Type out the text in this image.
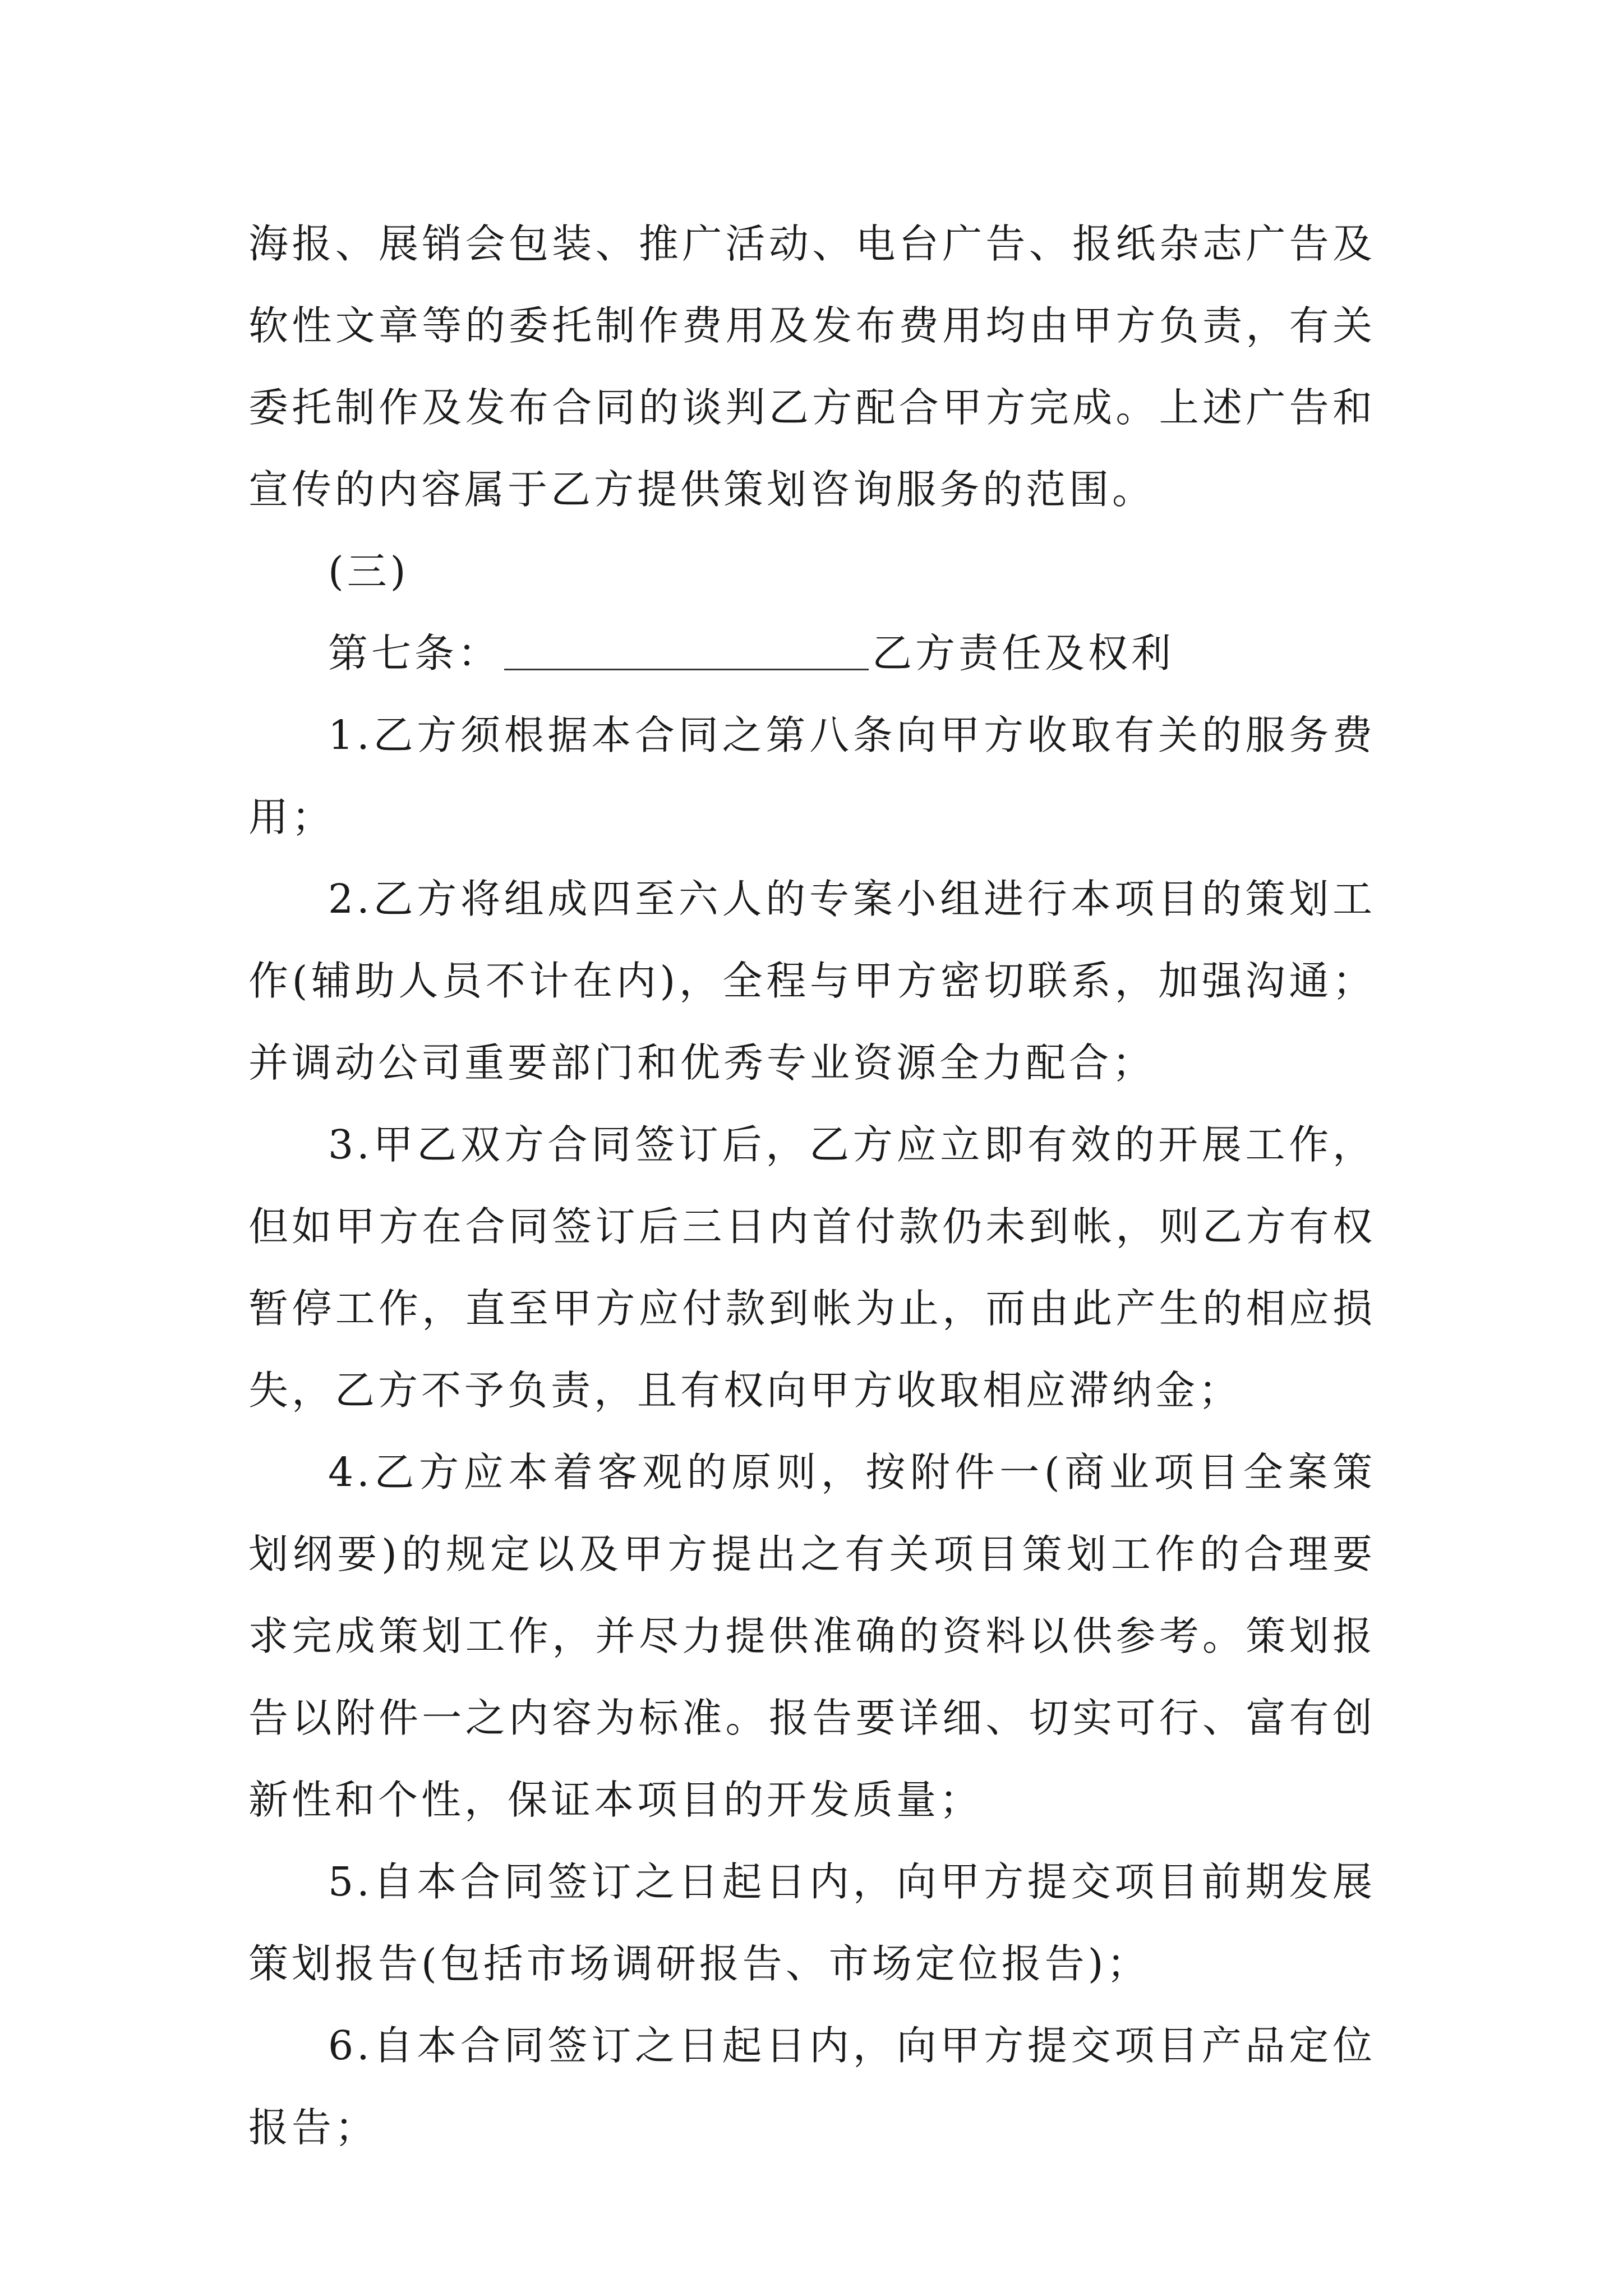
海报、展销会包装、推广活动、电台广告、报纸杂志广告及软性文章等的委托制作费用及发布费用均由甲方负责，有关委托制作及发布合同的谈判乙方配合甲方完成。上述广告和宣传的内容属于乙方提供策划咨询服务的范围。

(三)

第七条：	乙方责任及权利

1.乙方须根据本合同之第八条向甲方收取有关的服务费用；

2.乙方将组成四至六人的专案小组进行本项目的策划工作(辅助人员不计在内)，全程与甲方密切联系，加强沟通；并调动公司重要部门和优秀专业资源全力配合；

3.甲乙双方合同签订后，乙方应立即有效的开展工作，但如甲方在合同签订后三日内首付款仍未到帐，则乙方有权暂停工作，直至甲方应付款到帐为止，而由此产生的相应损失，乙方不予负责，且有权向甲方收取相应滞纳金；

4.乙方应本着客观的原则，按附件一(商业项目全案策划纲要)的规定以及甲方提出之有关项目策划工作的合理要求完成策划工作，并尽力提供准确的资料以供参考。策划报告以附件一之内容为标准。报告要详细、切实可行、富有创新性和个性，保证本项目的开发质量；

5.自本合同签订之日起日内，向甲方提交项目前期发展策划报告(包括市场调研报告、市场定位报告)；

6.自本合同签订之日起日内，向甲方提交项目产品定位报告；
